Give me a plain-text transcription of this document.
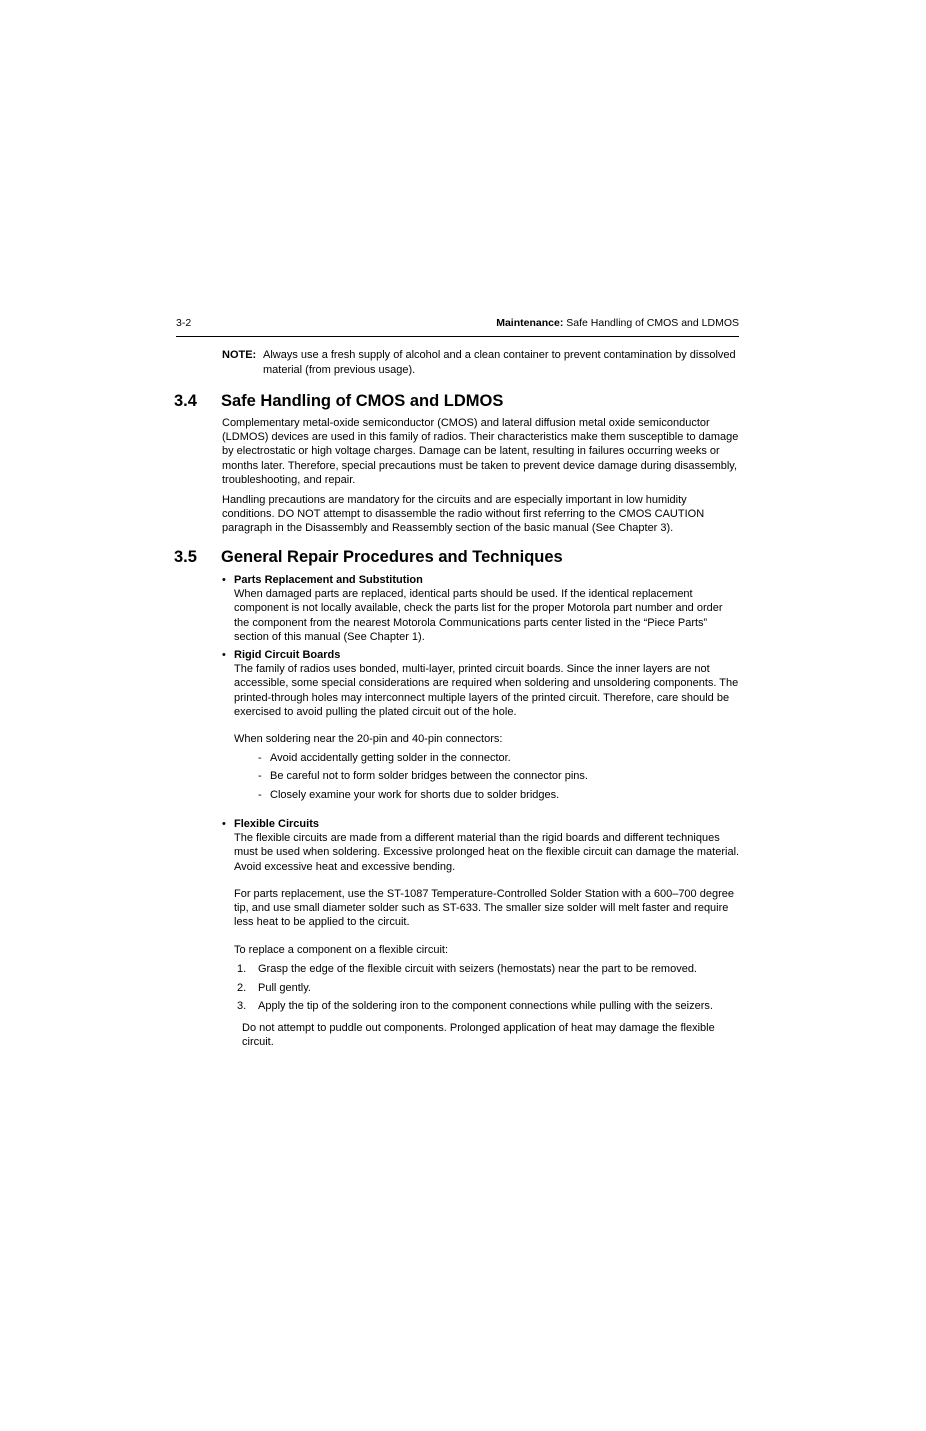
3-2	Maintenance: Safe Handling of CMOS and LDMOS
NOTE: Always use a fresh supply of alcohol and a clean container to prevent contamination by dissolved material (from previous usage).
3.4 Safe Handling of CMOS and LDMOS
Complementary metal-oxide semiconductor (CMOS) and lateral diffusion metal oxide semiconductor (LDMOS) devices are used in this family of radios. Their characteristics make them susceptible to damage by electrostatic or high voltage charges. Damage can be latent, resulting in failures occurring weeks or months later. Therefore, special precautions must be taken to prevent device damage during disassembly, troubleshooting, and repair.
Handling precautions are mandatory for the circuits and are especially important in low humidity conditions. DO NOT attempt to disassemble the radio without first referring to the CMOS CAUTION paragraph in the Disassembly and Reassembly section of the basic manual (See Chapter 3).
3.5 General Repair Procedures and Techniques
• Parts Replacement and Substitution
When damaged parts are replaced, identical parts should be used. If the identical replacement component is not locally available, check the parts list for the proper Motorola part number and order the component from the nearest Motorola Communications parts center listed in the “Piece Parts” section of this manual (See Chapter 1).
• Rigid Circuit Boards
The family of radios uses bonded, multi-layer, printed circuit boards. Since the inner layers are not accessible, some special considerations are required when soldering and unsoldering components. The printed-through holes may interconnect multiple layers of the printed circuit. Therefore, care should be exercised to avoid pulling the plated circuit out of the hole.
When soldering near the 20-pin and 40-pin connectors:
- Avoid accidentally getting solder in the connector.
- Be careful not to form solder bridges between the connector pins.
- Closely examine your work for shorts due to solder bridges.
• Flexible Circuits
The flexible circuits are made from a different material than the rigid boards and different techniques must be used when soldering. Excessive prolonged heat on the flexible circuit can damage the material. Avoid excessive heat and excessive bending.
For parts replacement, use the ST-1087 Temperature-Controlled Solder Station with a 600–700 degree tip, and use small diameter solder such as ST-633. The smaller size solder will melt faster and require less heat to be applied to the circuit.
To replace a component on a flexible circuit:
1. Grasp the edge of the flexible circuit with seizers (hemostats) near the part to be removed.
2. Pull gently.
3. Apply the tip of the soldering iron to the component connections while pulling with the seizers.
Do not attempt to puddle out components. Prolonged application of heat may damage the flexible circuit.
